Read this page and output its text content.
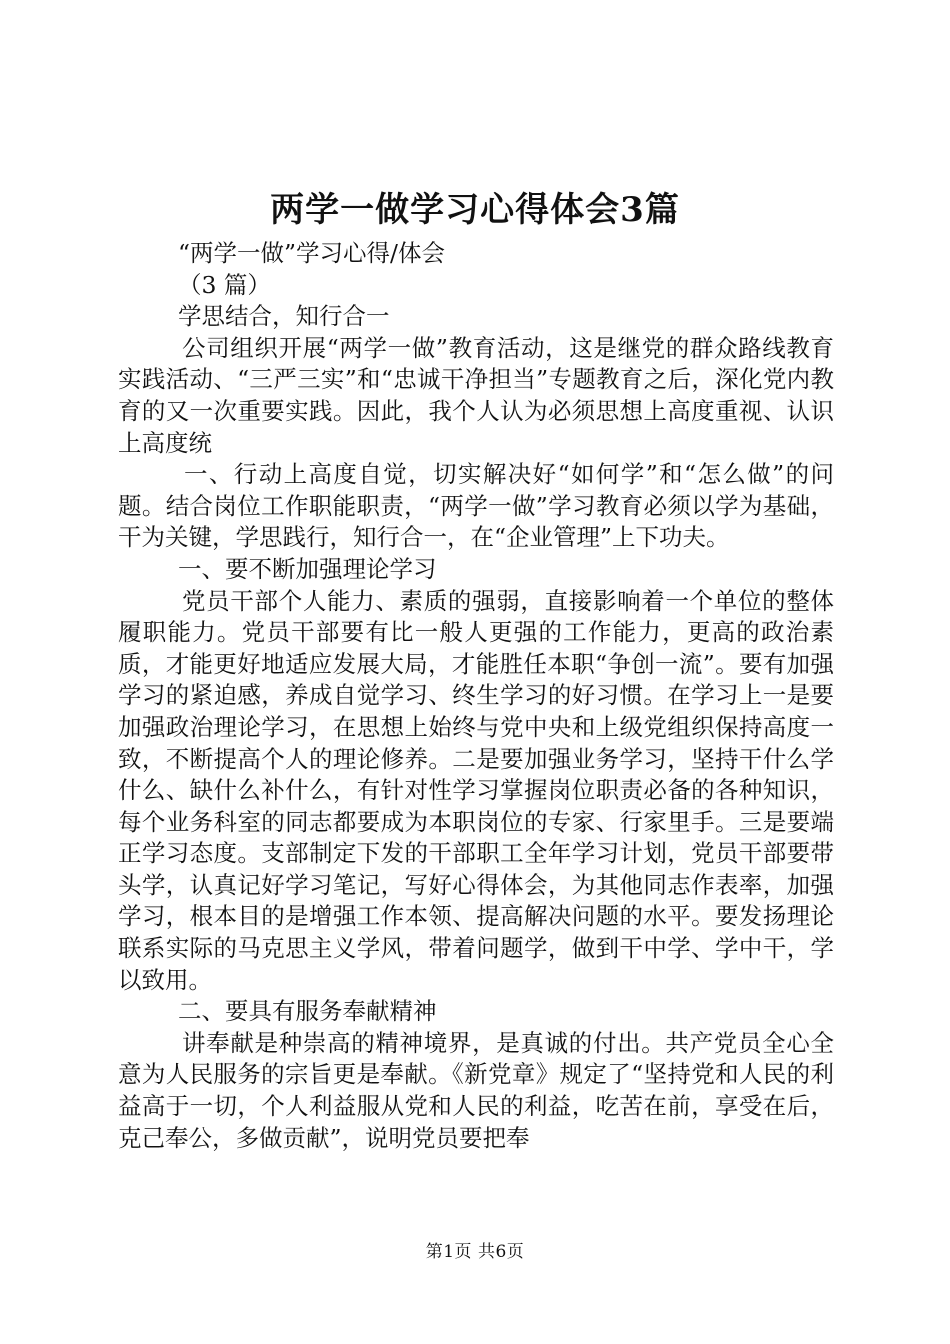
两学一做学习心得体会3篇

“两学一做”学习心得/体会

（3 篇）

学思结合，知行合一

公司组织开展“两学一做”教育活动，这是继党的群众路线教育实践活动、“三严三实”和“忠诚干净担当”专题教育之后，深化党内教育的又一次重要实践。因此，我个人认为必须思想上高度重视、认识上高度统

一、行动上高度自觉，切实解决好“如何学”和“怎么做”的问题。结合岗位工作职能职责，“两学一做”学习教育必须以学为基础，干为关键，学思践行，知行合一，在“企业管理”上下功夫。

一、要不断加强理论学习

党员干部个人能力、素质的强弱，直接影响着一个单位的整体履职能力。党员干部要有比一般人更强的工作能力，更高的政治素质，才能更好地适应发展大局，才能胜任本职“争创一流”。要有加强学习的紧迫感，养成自觉学习、终生学习的好习惯。在学习上一是要加强政治理论学习，在思想上始终与党中央和上级党组织保持高度一致，不断提高个人的理论修养。二是要加强业务学习，坚持干什么学什么、缺什么补什么，有针对性学习掌握岗位职责必备的各种知识，每个业务科室的同志都要成为本职岗位的专家、行家里手。三是要端正学习态度。支部制定下发的干部职工全年学习计划，党员干部要带头学，认真记好学习笔记，写好心得体会，为其他同志作表率，加强学习，根本目的是增强工作本领、提高解决问题的水平。要发扬理论联系实际的马克思主义学风，带着问题学，做到干中学、学中干，学以致用。

二、要具有服务奉献精神

讲奉献是种崇高的精神境界，是真诚的付出。共产党员全心全意为人民服务的宗旨更是奉献。《新党章》规定了“坚持党和人民的利益高于一切，个人利益服从党和人民的利益，吃苦在前，享受在后，克己奉公，多做贡献”，说明党员要把奉

第1页 共6页
